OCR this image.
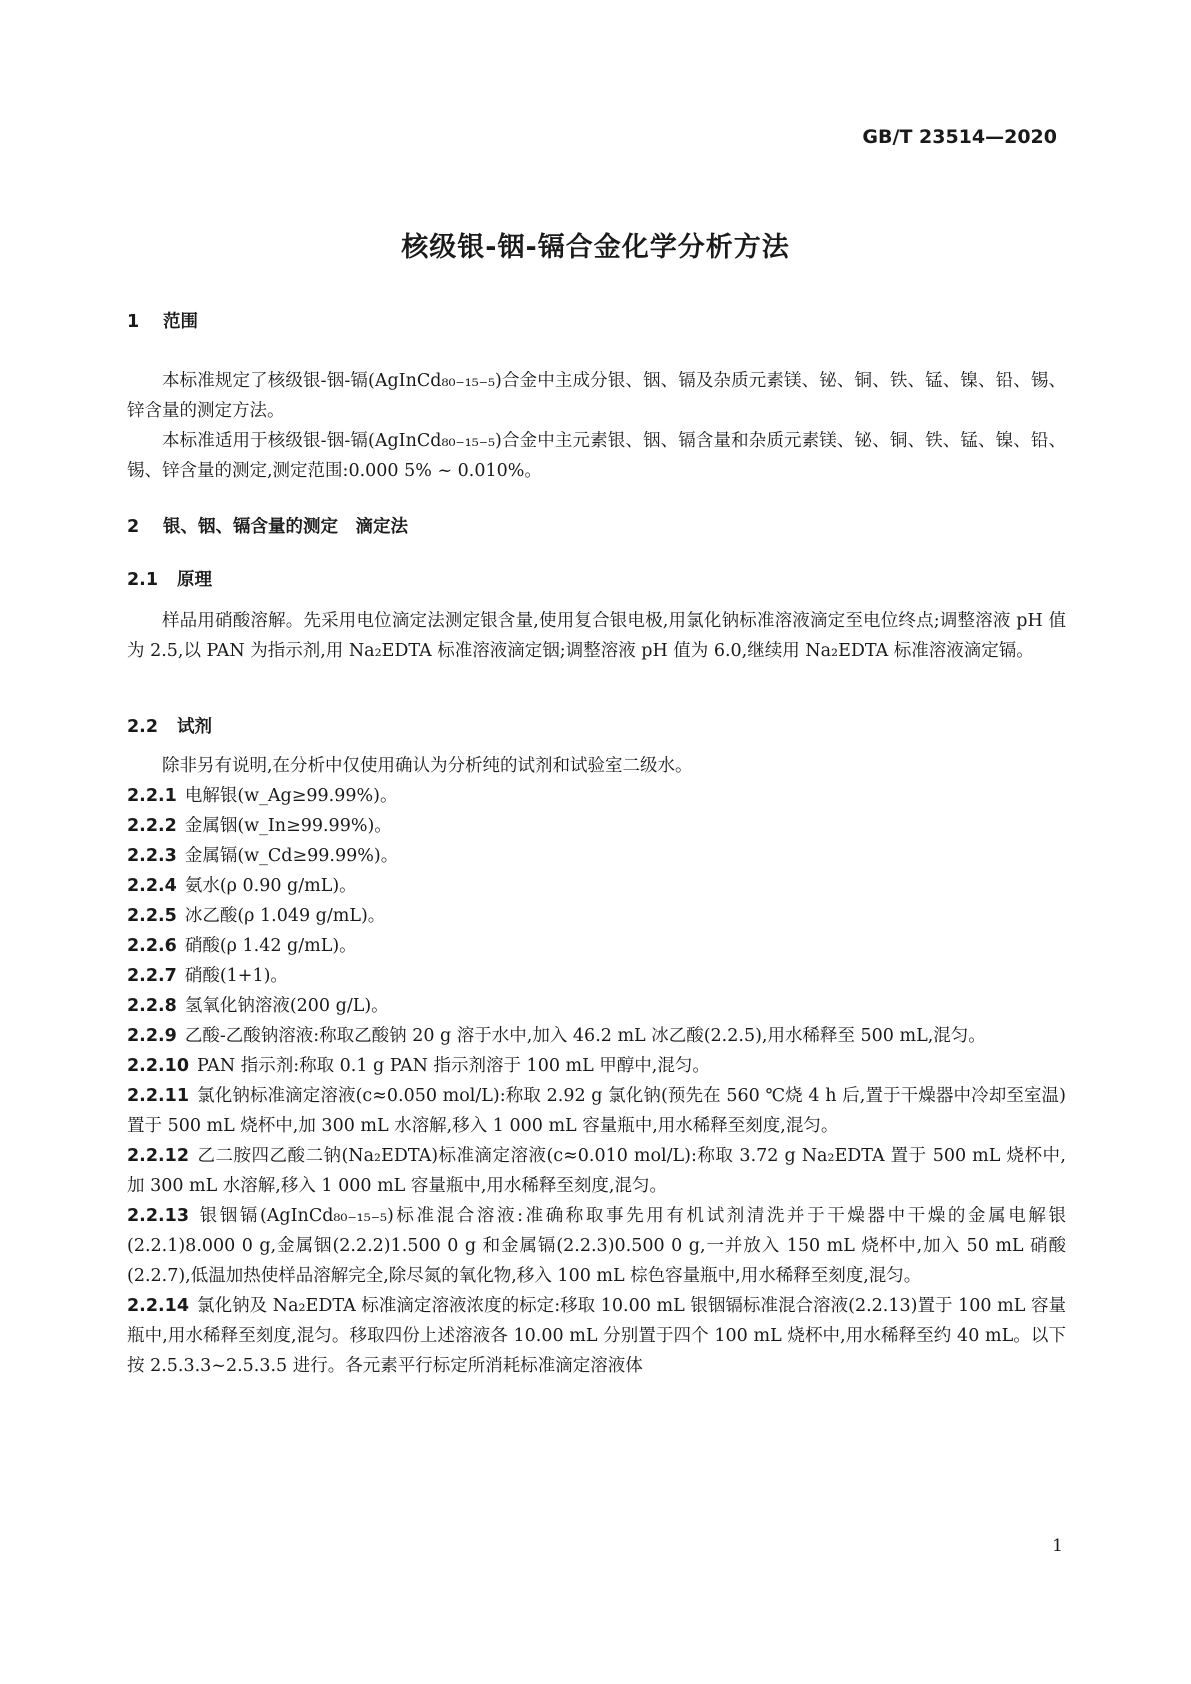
GB/T 23514—2020
核级银-铟-镉合金化学分析方法
1 范围
本标准规定了核级银-铟-镉(AgInCd₈₀₋₁₅₋₅)合金中主成分银、铟、镉及杂质元素镁、铋、铜、铁、锰、镍、铅、锡、锌含量的测定方法。
本标准适用于核级银-铟-镉(AgInCd₈₀₋₁₅₋₅)合金中主元素银、铟、镉含量和杂质元素镁、铋、铜、铁、锰、镍、铅、锡、锌含量的测定,测定范围:0.000 5% ~ 0.010%。
2 银、铟、镉含量的测定　滴定法
2.1 原理
样品用硝酸溶解。先采用电位滴定法测定银含量,使用复合银电极,用氯化钠标准溶液滴定至电位终点;调整溶液 pH 值为 2.5,以 PAN 为指示剂,用 Na₂EDTA 标准溶液滴定铟;调整溶液 pH 值为 6.0,继续用 Na₂EDTA 标准溶液滴定镉。
2.2 试剂
除非另有说明,在分析中仅使用确认为分析纯的试剂和试验室二级水。
2.2.1 电解银(w_Ag≥99.99%)。
2.2.2 金属铟(w_In≥99.99%)。
2.2.3 金属镉(w_Cd≥99.99%)。
2.2.4 氨水(ρ 0.90 g/mL)。
2.2.5 冰乙酸(ρ 1.049 g/mL)。
2.2.6 硝酸(ρ 1.42 g/mL)。
2.2.7 硝酸(1+1)。
2.2.8 氢氧化钠溶液(200 g/L)。
2.2.9 乙酸-乙酸钠溶液:称取乙酸钠 20 g 溶于水中,加入 46.2 mL 冰乙酸(2.2.5),用水稀释至 500 mL,混匀。
2.2.10 PAN 指示剂:称取 0.1 g PAN 指示剂溶于 100 mL 甲醇中,混匀。
2.2.11 氯化钠标准滴定溶液(c≈0.050 mol/L):称取 2.92 g 氯化钠(预先在 560 ℃烧 4 h 后,置于干燥器中冷却至室温)置于 500 mL 烧杯中,加 300 mL 水溶解,移入 1 000 mL 容量瓶中,用水稀释至刻度,混匀。
2.2.12 乙二胺四乙酸二钠(Na₂EDTA)标准滴定溶液(c≈0.010 mol/L):称取 3.72 g Na₂EDTA 置于 500 mL 烧杯中,加 300 mL 水溶解,移入 1 000 mL 容量瓶中,用水稀释至刻度,混匀。
2.2.13 银铟镉(AgInCd₈₀₋₁₅₋₅)标准混合溶液:准确称取事先用有机试剂清洗并于干燥器中干燥的金属电解银(2.2.1)8.000 0 g,金属铟(2.2.2)1.500 0 g 和金属镉(2.2.3)0.500 0 g,一并放入 150 mL 烧杯中,加入 50 mL 硝酸(2.2.7),低温加热使样品溶解完全,除尽氮的氧化物,移入 100 mL 棕色容量瓶中,用水稀释至刻度,混匀。
2.2.14 氯化钠及 Na₂EDTA 标准滴定溶液浓度的标定:移取 10.00 mL 银铟镉标准混合溶液(2.2.13)置于 100 mL 容量瓶中,用水稀释至刻度,混匀。移取四份上述溶液各 10.00 mL 分别置于四个 100 mL 烧杯中,用水稀释至约 40 mL。以下按 2.5.3.3~2.5.3.5 进行。各元素平行标定所消耗标准滴定溶液体
1
